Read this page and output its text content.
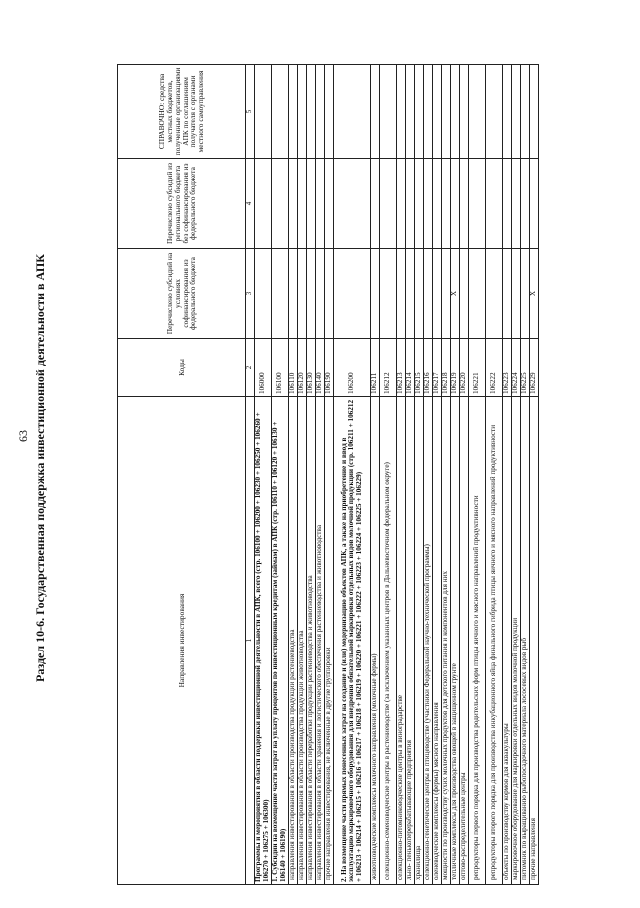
63 Раздел 10-6. Государственная поддержка инвестиционной деятельности в АПК	Направления инвестирования	Коды	Перечислено субсидий на условиях софинансирования из федерального бюджета	Перечислено субсидий из регионального бюджета без софинансирования из федерального бюджета	СПРАВОЧНО: средства местных бюджетов, полученные организациями АПК по соглашениям получателя с органами местного самоуправления
1	2	3	4	5
Программы и мероприятия в области поддержки инвестиционной деятельности в АПК, всего (стр. 106100 + 106200 + 106230 + 106250 + 106260 + 106270 + 106275 + 106300)	106000			
1. Субсидии на возмещение части затрат на уплату процентов по инвестиционным кредитам (займам) в АПК (стр. 106110 + 106120 + 106130 + 106140 + 106190)	106100			
направления инвестирования в области производства продукции растениеводства	106110			
направления инвестирования в области производства продукции животноводства	106120			
направления инвестирования в области переработки продукции растениеводства и животноводства	106130			
направления инвестирования в области хранения и логистического обеспечения растениеводства и животноводства	106140			
прочие направления инвестирования, не включенные в другие группировки	106190			
2. На возмещение части прямых понесенных затрат на создание и (или) модернизацию объектов АПК, а также на приобретение и ввод в эксплуатацию маркировочного оборудования для внедрения обязательной маркировки отдельных видов молочной продукции (стр. 106211 + 106212 + 106213 + 106214 + 106215 + 106216 + 106217 + 106218 + 106219 + 106220 + 106221 + 106222 + 106223 + 106224 + 106225 + 106229)	106200			
животноводческие комплексы молочного направления (молочные фермы)	106211			
селекционно-семеноводческие центры в растениеводстве (за исключением указанных центров в Дальневосточном федеральном округе)	106212			
селекционно-питомниководческие центры в виноградарстве	106213			
льно- пенькоперерабатывающие предприятия	106214			
хранилища	106215			
селекционно-генетические центры в птицеводстве (участники Федеральной научно-технической программы)	106216			
оленеводческие комплексы (фермы) мясного направления	106217			
мощности по производству сухих молочных продуктов для детского питания и компонентов для них	106218			
тепличные комплексы для производства овощей в защищенном грунте	106219	X		
оптово-распределительные центры	106220			
репродукторы первого порядка для производства родительских форм птицы яичного и мясного направлений продуктивности	106221			
репродукторы второго порядка для производства инкубационного яйца финального гибрида птицы яичного и мясного направлений продуктивности	106222			
объекты по производству кормов для аквакультуры	106223			
маркировочное оборудование для маркировки отдельных видов молочной продукции	106224			
питомник по выращиванию рыбопосадочного материала лососевых видов рыб	106225			
прочие направления	106229	X		
